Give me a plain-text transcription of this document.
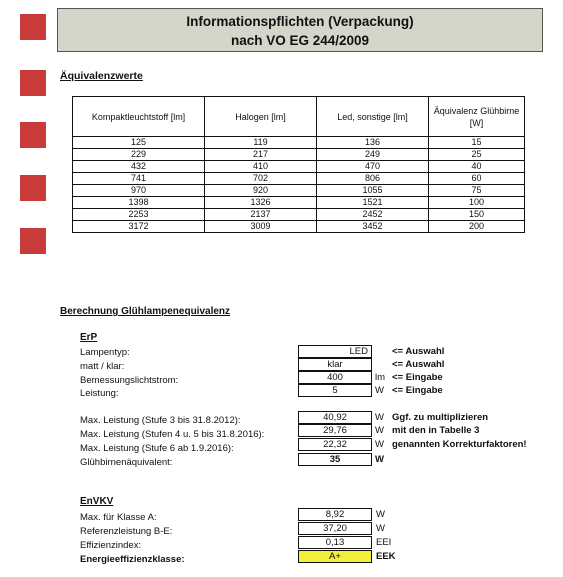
Informationspflichten (Verpackung)
nach VO EG 244/2009
Äquivalenzwerte
Kompaktleuchtstoff [lm]	Halogen [lm]	Led, sonstige [lm]	Äquivalenz Glühbirne [W]
125	119	136	15
229	217	249	25
432	410	470	40
741	702	806	60
970	920	1055	75
1398	1326	1521	100
2253	2137	2452	150
3172	3009	3452	200
Berechnung Glühlampenequivalenz
ErP
Lampentyp:	LED	<= Auswahl
matt / klar:	klar	<= Auswahl
Bemessungslichtstrom:	400	lm <= Eingabe
Leistung:	5	W <= Eingabe
Max. Leistung (Stufe 3 bis 31.8.2012):	40,92	W Ggf. zu multiplizieren
Max. Leistung (Stufen 4 u. 5 bis 31.8.2016):	29,76	W mit den in Tabelle 3
Max. Leistung (Stufe 6 ab 1.9.2016):	22,32	W genannten Korrekturfaktoren!
Glühbirnenäquivalent:	35	W
EnVKV
Max. für Klasse A:	8,92	W
Referenzleistung B-E:	37,20	W
Effizienzindex:	0,13	EEI
Energieeffizienzklasse:	A+	EEK
